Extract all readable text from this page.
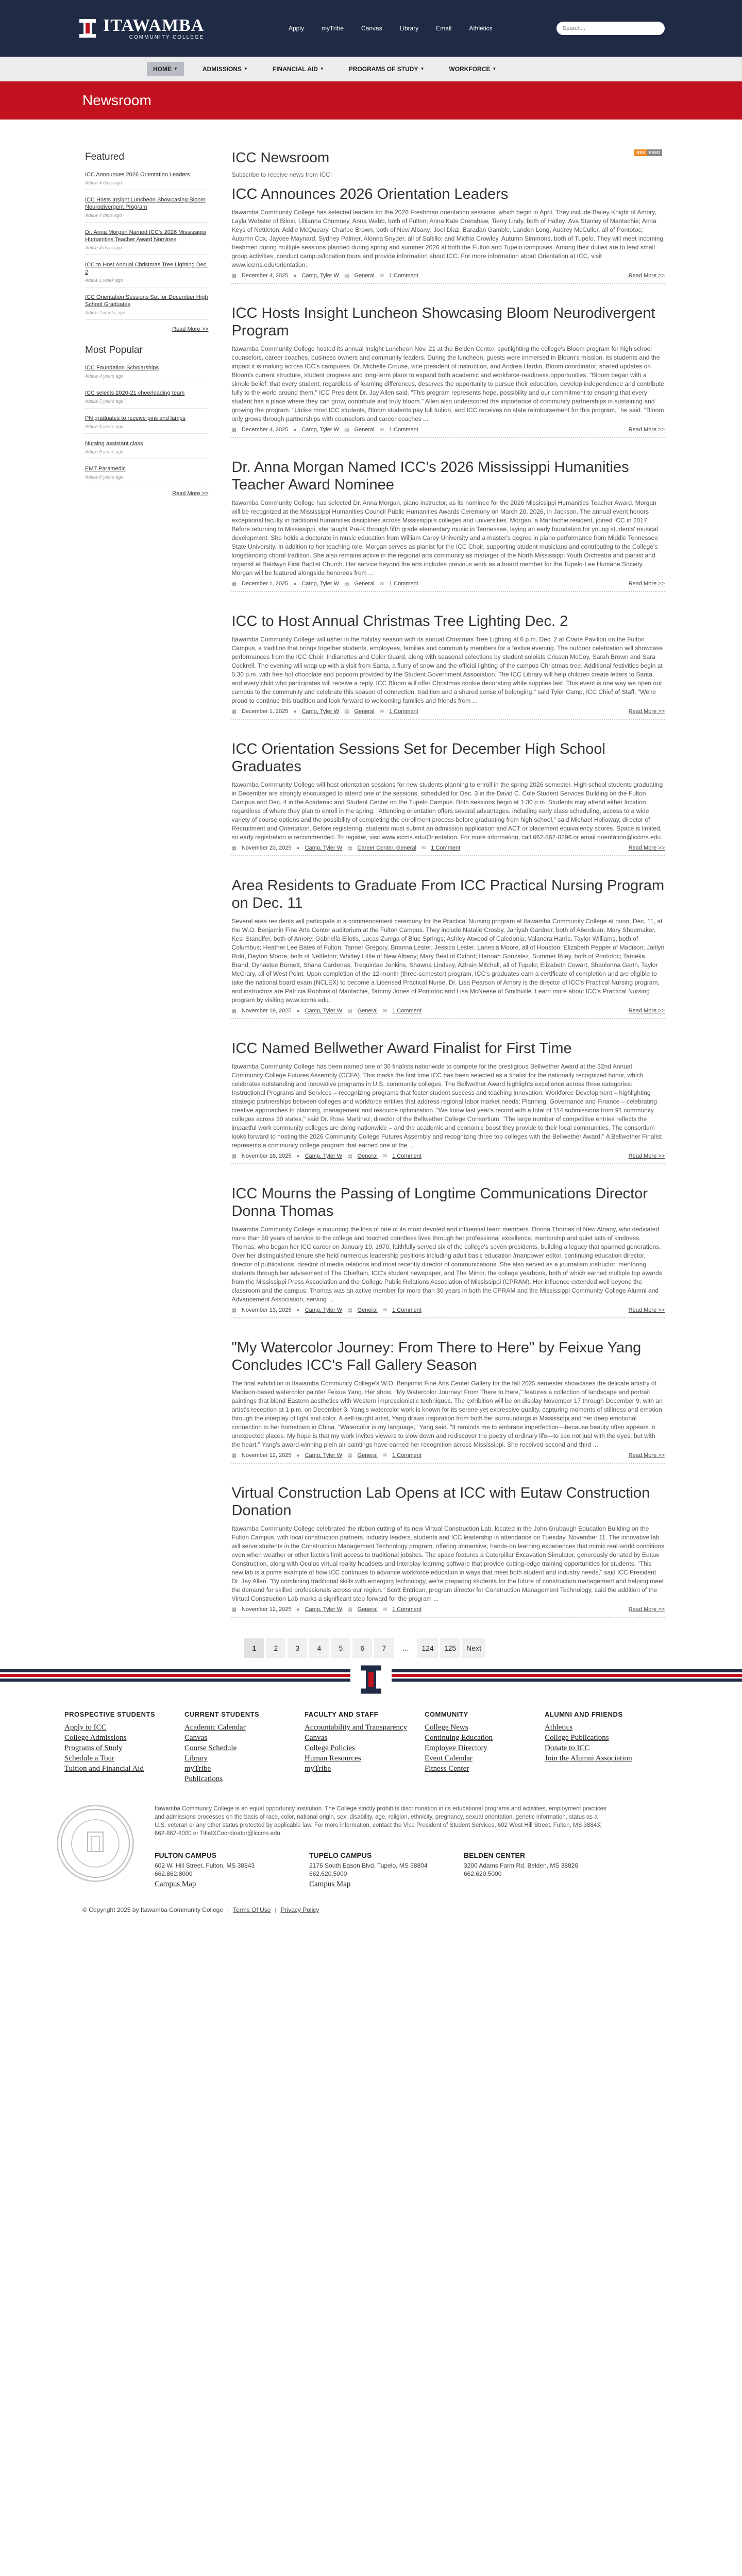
ITAWAMBA
COMMUNITY COLLEGE
Apply	myTribe	Canvas	Library	Email	Athletics
Search...
HOME ▼	ADMISSIONS ▼	FINANCIAL AID ▼	PROGRAMS OF STUDY ▼	WORKFORCE ▼
Newsroom
RSS	FEED
Featured
ICC Announces 2026 Orientation Leaders
Article 4 days ago
ICC Hosts Insight Luncheon Showcasing Bloom Neurodivergent Program
Article 4 days ago
Dr. Anna Morgan Named ICC's 2026 Mississippi Humanities Teacher Award Nominee
Article 4 days ago
ICC to Host Annual Christmas Tree Lighting Dec. 2
Article 1 week ago
ICC Orientation Sessions Set for December High School Graduates
Article 2 weeks ago
Read More >>
Most Popular
ICC Foundation Scholarships
Article 4 years ago
ICC selects 2020-21 cheerleading team
Article 5 years ago
PN graduates to receive pins and lamps
Article 5 years ago
Nursing assistant class
Article 6 years ago
EMT Paramedic
Article 6 years ago
Read More >>
ICC Newsroom
Subscribe to receive news from ICC!
ICC Announces 2026 Orientation Leaders

Itawamba Community College has selected leaders for the 2026 Freshman orientation sessions, which begin in April. They include Bailey Knight of Amory, Layla Webster of Biloxi, Lillianna Chumney, Anna Webb, both of Fulton; Anna Kate Crenshaw, Tierry Lindy, both of Hatley; Ava Stanley of Mantachie; Anna Keys of Nettleton; Addie McQueary, Charlee Brown, both of New Albany; Joel Diaz, Baradan Gamble, Landon Long, Audrey McCuller, all of Pontotoc; Autumn Cox, Jaycee Maynard, Sydney Palmer, Alonna Snyder, all of Saltillo; and Michia Crowley, Autumn Simmons, both of Tupelo. They will meet incoming freshmen during multiple sessions planned during spring and summer 2026 at both the Fulton and Tupelo campuses. Among their duties are to lead small group activities, conduct campus/location tours and provide information about ICC. For more information about Orientation at ICC, visit www.iccms.edu/orientation.

▦ December 4, 2025 ● Camp, Tyler W ▤ General ✉ 1 Comment	Read More >>
ICC Hosts Insight Luncheon Showcasing Bloom Neurodivergent Program

Itawamba Community College hosted its annual Insight Luncheon Nov. 21 at the Belden Center, spotlighting the college's Bloom program for high school counselors, career coaches, business owners and community leaders. During the luncheon, guests were immersed in Bloom's mission, its students and the impact it is making across ICC's campuses. Dr. Michelle Crouse, vice president of instruction, and Andrea Hardin, Bloom coordinator, shared updates on Bloom's current structure, student progress and long-term plans to expand both academic and workforce-readiness opportunities. "Bloom began with a simple belief: that every student, regardless of learning differences, deserves the opportunity to pursue their education, develop independence and contribute fully to the world around them," ICC President Dr. Jay Allen said. "This program represents hope, possibility and our commitment to ensuring that every student has a place where they can grow, contribute and truly bloom." Allen also underscored the importance of community partnerships in sustaining and growing the program. "Unlike most ICC students, Bloom students pay full tuition, and ICC receives no state reimbursement for this program," he said. "Bloom only grows through partnerships with counselors and career coaches ...

▦ December 4, 2025 ● Camp, Tyler W ▤ General ✉ 1 Comment	Read More >>
Dr. Anna Morgan Named ICC's 2026 Mississippi Humanities Teacher Award Nominee

Itawamba Community College has selected Dr. Anna Morgan, piano instructor, as its nominee for the 2026 Mississippi Humanities Teacher Award. Morgan will be recognized at the Mississippi Humanities Council Public Humanities Awards Ceremony on March 20, 2026, in Jackson. The annual event honors exceptional faculty in traditional humanities disciplines across Mississippi's colleges and universities. Morgan, a Mantachie resident, joined ICC in 2017. Before returning to Mississippi, she taught Pre-K through fifth grade elementary music in Tennessee, laying an early foundation for young students' musical development. She holds a doctorate in music education from William Carey University and a master's degree in piano performance from Middle Tennessee State University. In addition to her teaching role, Morgan serves as pianist for the ICC Choir, supporting student musicians and contributing to the College's longstanding choral tradition. She also remains active in the regional arts community as manager of the North Mississippi Youth Orchestra and pianist and organist at Baldwyn First Baptist Church. Her service beyond the arts includes previous work as a board member for the Tupelo-Lee Humane Society. Morgan will be featured alongside honorees from ...

▦ December 1, 2025 ● Camp, Tyler W ▤ General ✉ 1 Comment	Read More >>
ICC to Host Annual Christmas Tree Lighting Dec. 2

Itawamba Community College will usher in the holiday season with its annual Christmas Tree Lighting at 6 p.m. Dec. 2 at Crane Pavilion on the Fulton Campus, a tradition that brings together students, employees, families and community members for a festive evening. The outdoor celebration will showcase performances from the ICC Choir, Indianettes and Color Guard, along with seasonal selections by student soloists Crissen McCoy, Sarah Brown and Sara Cockrell. The evening will wrap up with a visit from Santa, a flurry of snow and the official lighting of the campus Christmas tree. Additional festivities begin at 5:30 p.m. with free hot chocolate and popcorn provided by the Student Government Association. The ICC Library will help children create letters to Santa, and every child who participates will receive a reply. ICC Bloom will offer Christmas cookie decorating while supplies last. This event is one way we open our campus to the community and celebrate this season of connection, tradition and a shared sense of belonging," said Tyler Camp, ICC Chief of Staff. "We're proud to continue this tradition and look forward to welcoming families and friends from ...

▦ December 1, 2025 ● Camp, Tyler W ▤ General ✉ 1 Comment	Read More >>
ICC Orientation Sessions Set for December High School Graduates

Itawamba Community College will host orientation sessions for new students planning to enroll in the spring 2026 semester. High school students graduating in December are strongly encouraged to attend one of the sessions, scheduled for Dec. 3 in the David C. Cole Student Services Building on the Fulton Campus and Dec. 4 in the Academic and Student Center on the Tupelo Campus. Both sessions begin at 1:30 p.m. Students may attend either location regardless of where they plan to enroll in the spring. "Attending orientation offers several advantages, including early class scheduling, access to a wide variety of course options and the possibility of completing the enrollment process before graduating from high school," said Michael Holloway, director of Recruitment and Orientation. Before registering, students must submit an admission application and ACT or placement equivalency scores. Space is limited, so early registration is recommended. To register, visit www.iccms.edu/Orientation. For more information, call 662-862-8296 or email orientation@iccms.edu.

▦ November 20, 2025 ● Camp, Tyler W ▤ Career Center, General ✉ 1 Comment	Read More >>
Area Residents to Graduate From ICC Practical Nursing Program on Dec. 11

Several area residents will participate in a commencement ceremony for the Practical Nursing program at Itawamba Community College at noon, Dec. 11, at the W.O. Benjamin Fine Arts Center auditorium at the Fulton Campus. They include Natalie Crosby, Janiyah Gardner, both of Aberdeen; Mary Shoemaker, Kesi Standifer, both of Amory; Gabriella Ellotis, Lucas Zuniga of Blue Springs; Ashley Atwood of Caledonia; Valandra Harris, Taylor Williams, both of Columbus; Heather Lee Bates of Fulton; Tanner Gregory, Brianna Lester, Jessica Lester, Lanesia Moore, all of Houston; Elizabeth Pepper of Madison; Jaitlyn Ridd, Dayton Moore, both of Nettleton; Whitley Little of New Albany; Mary Beal of Oxford; Hannah Gonzalez, Summer Riley, both of Pontotoc; Tameka Brand, Dynastee Burnett, Shana Cardenas, Trequintae Jenkins, Shawna Lindsey, Azlrain Mitchell, all of Tupelo; Elizabeth Cowart, Shaolonna Garth, Taylor McCrary, all of West Point. Upon completion of the 12-month (three-semester) program, ICC's graduates earn a certificate of completion and are eligible to take the national board exam (NCLEX) to become a Licensed Practical Nurse. Dr. Lisa Pearson of Amory is the director of ICC's Practical Nursing program, and instructors are Patricia Robbins of Mantachie, Tammy Jones of Pontotoc and Lisa McNeese of Smithville. Learn more about ICC's Practical Nursing program by visiting www.iccms.edu.

▦ November 19, 2025 ● Camp, Tyler W ▤ General ✉ 1 Comment	Read More >>
ICC Named Bellwether Award Finalist for First Time

Itawamba Community College has been named one of 30 finalists nationwide to compete for the prestigious Bellwether Award at the 32nd Annual Community College Futures Assembly (CCFA). This marks the first time ICC has been selected as a finalist for the nationally recognized honor, which celebrates outstanding and innovative programs in U.S. community colleges. The Bellwether Award highlights excellence across three categories: Instructional Programs and Services – recognizing programs that foster student success and teaching innovation; Workforce Development – highlighting strategic partnerships between colleges and workforce entities that address regional labor market needs; Planning, Governance and Finance – celebrating creative approaches to planning, management and resource optimization. "We know last year's record with a total of 114 submissions from 91 community colleges across 30 states," said Dr. Rose Martinez, director of the Bellwether College Consortium. "The large number of competitive entries reflects the impactful work community colleges are doing nationwide – and the academic and economic boost they provide to their local communities. The consortium looks forward to hosting the 2026 Community College Futures Assembly and recognizing three top colleges with the Bellwether Award." A Bellwether Finalist represents a community college program that earned one of the ...

▦ November 18, 2025 ● Camp, Tyler W ▤ General ✉ 1 Comment	Read More >>
ICC Mourns the Passing of Longtime Communications Director Donna Thomas

Itawamba Community College is mourning the loss of one of its most devoted and influential team members. Donna Thomas of New Albany, who dedicated more than 50 years of service to the college and touched countless lives through her professional excellence, mentorship and quiet acts of kindness. Thomas, who began her ICC career on January 19, 1970, faithfully served six of the college's seven presidents, building a legacy that spanned generations. Over her distinguished tenure she held numerous leadership positions including adult basic education /manpower editor, continuing education director, director of publications, director of media relations and most recently director of communications. She also served as a journalism instructor, mentoring students through her advisement of The Chieftain, ICC's student newspaper, and The Mirror, the college yearbook, both of which earned multiple top awards from the Mississippi Press Association and the College Public Relations Association of Mississippi (CPRAM). Her influence extended well beyond the classroom and the campus. Thomas was an active member for more than 30 years in both the CPRAM and the Mississippi Community College Alumni and Advancement Association, serving ...

▦ November 13, 2025 ● Camp, Tyler W ▤ General ✉ 1 Comment	Read More >>
"My Watercolor Journey: From There to Here" by Feixue Yang Concludes ICC's Fall Gallery Season

The final exhibition in Itawamba Community College's W.O. Benjamin Fine Arts Center Gallery for the fall 2025 semester showcases the delicate artistry of Madison-based watercolor painter Feixue Yang. Her show, "My Watercolor Journey: From There to Here," features a collection of landscape and portrait paintings that blend Eastern aesthetics with Western impressionistic techniques. The exhibition will be on display November 17 through December 9, with an artist's reception at 1 p.m. on December 3. Yang's watercolor work is known for its serene yet expressive quality, capturing moments of stillness and emotion through the interplay of light and color. A self-taught artist, Yang draws inspiration from both her surroundings in Mississippi and her deep emotional connection to her hometown in China. "Watercolor is my language," Yang said. "It reminds me to embrace imperfection—because beauty often appears in unexpected places. My hope is that my work invites viewers to slow down and rediscover the poetry of ordinary life—to see not just with the eyes, but with the heart." Yang's award-winning plein air paintings have earned her recognition across Mississippi. She received second and third ...

▦ November 12, 2025 ● Camp, Tyler W ▤ General ✉ 1 Comment	Read More >>
Virtual Construction Lab Opens at ICC with Eutaw Construction Donation

Itawamba Community College celebrated the ribbon cutting of its new Virtual Construction Lab, located in the John Grubaugh Education Building on the Fulton Campus, with local construction partners, industry leaders, students and ICC leadership in attendance on Tuesday, November 11. The innovative lab will serve students in the Construction Management Technology program, offering immersive, hands-on learning experiences that mimic real-world conditions even when weather or other factors limit access to traditional jobsites. The space features a Caterpillar Excavation Simulator, generously donated by Eutaw Construction, along with Oculus virtual reality headsets and Interplay learning software that provide cutting-edge training opportunities for students. "This new lab is a prime example of how ICC continues to advance workforce education in ways that meet both student and industry needs," said ICC President Dr. Jay Allen. "By combining traditional skills with emerging technology, we're preparing students for the future of construction management and helping meet the demand for skilled professionals across our region." Scott Entrican, program director for Construction Management Technology, said the addition of the Virtual Construction Lab marks a significant step forward for the program ...

▦ November 12, 2025 ● Camp, Tyler W ▤ General ✉ 1 Comment	Read More >>
1	2	3	4	5	6	7	...	124	125	Next
PROSPECTIVE STUDENTS
Apply to ICC
College Admissions
Programs of Study
Schedule a Tour
Tuition and Financial Aid
CURRENT STUDENTS
Academic Calendar
Canvas
Course Schedule
Library
myTribe
Publications
FACULTY AND STAFF
Accountability and Transparency
Canvas
College Policies
Human Resources
myTribe
COMMUNITY
College News
Continuing Education
Employee Directory
Event Calendar
Fitness Center
ALUMNI AND FRIENDS
Athletics
College Publications
Donate to ICC
Join the Alumni Association

Itawamba Community College is an equal opportunity institution. The College strictly prohibits discrimination in its educational programs and activities, employment practices and admissions processes on the basis of race, color, national origin, sex, disability, age, religion, ethnicity, pregnancy, sexual orientation, genetic information, status as a U.S. veteran or any other status protected by applicable law. For more information, contact the Vice President of Student Services, 602 West Hill Street, Fulton, MS 38843; 662-862-8000 or TitleIXCoordinator@iccms.edu.

FULTON CAMPUS
602 W. Hill Street, Fulton, MS 38843
662.862.8000
Campus Map
TUPELO CAMPUS
2176 South Eason Blvd. Tupelo, MS 38804
662.620.5000
Campus Map
BELDEN CENTER
3200 Adams Farm Rd. Belden, MS 38826
662.620.5000
© Copyright 2025 by Itawamba Community College | Terms Of Use | Privacy Policy
